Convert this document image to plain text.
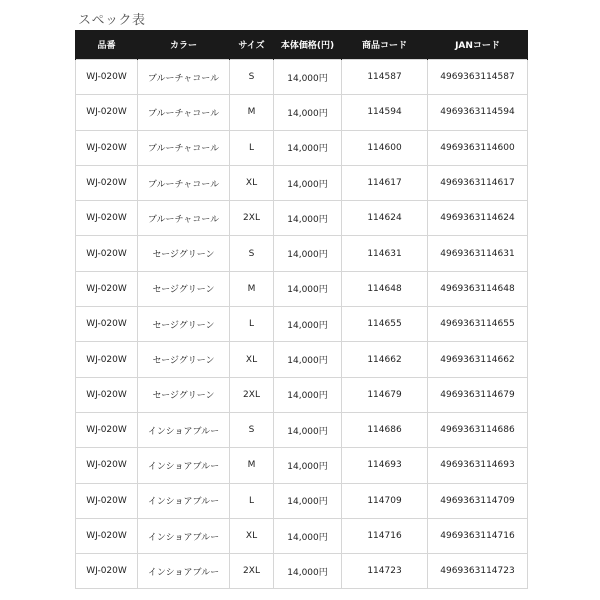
スペック表
品番	カラー	サイズ	本体価格(円)	商品コード	JANコード
WJ-020W	ブルーチャコール	S	14,000円	114587	4969363114587
WJ-020W	ブルーチャコール	M	14,000円	114594	4969363114594
WJ-020W	ブルーチャコール	L	14,000円	114600	4969363114600
WJ-020W	ブルーチャコール	XL	14,000円	114617	4969363114617
WJ-020W	ブルーチャコール	2XL	14,000円	114624	4969363114624
WJ-020W	セージグリーン	S	14,000円	114631	4969363114631
WJ-020W	セージグリーン	M	14,000円	114648	4969363114648
WJ-020W	セージグリーン	L	14,000円	114655	4969363114655
WJ-020W	セージグリーン	XL	14,000円	114662	4969363114662
WJ-020W	セージグリーン	2XL	14,000円	114679	4969363114679
WJ-020W	インショアブルー	S	14,000円	114686	4969363114686
WJ-020W	インショアブルー	M	14,000円	114693	4969363114693
WJ-020W	インショアブルー	L	14,000円	114709	4969363114709
WJ-020W	インショアブルー	XL	14,000円	114716	4969363114716
WJ-020W	インショアブルー	2XL	14,000円	114723	4969363114723
